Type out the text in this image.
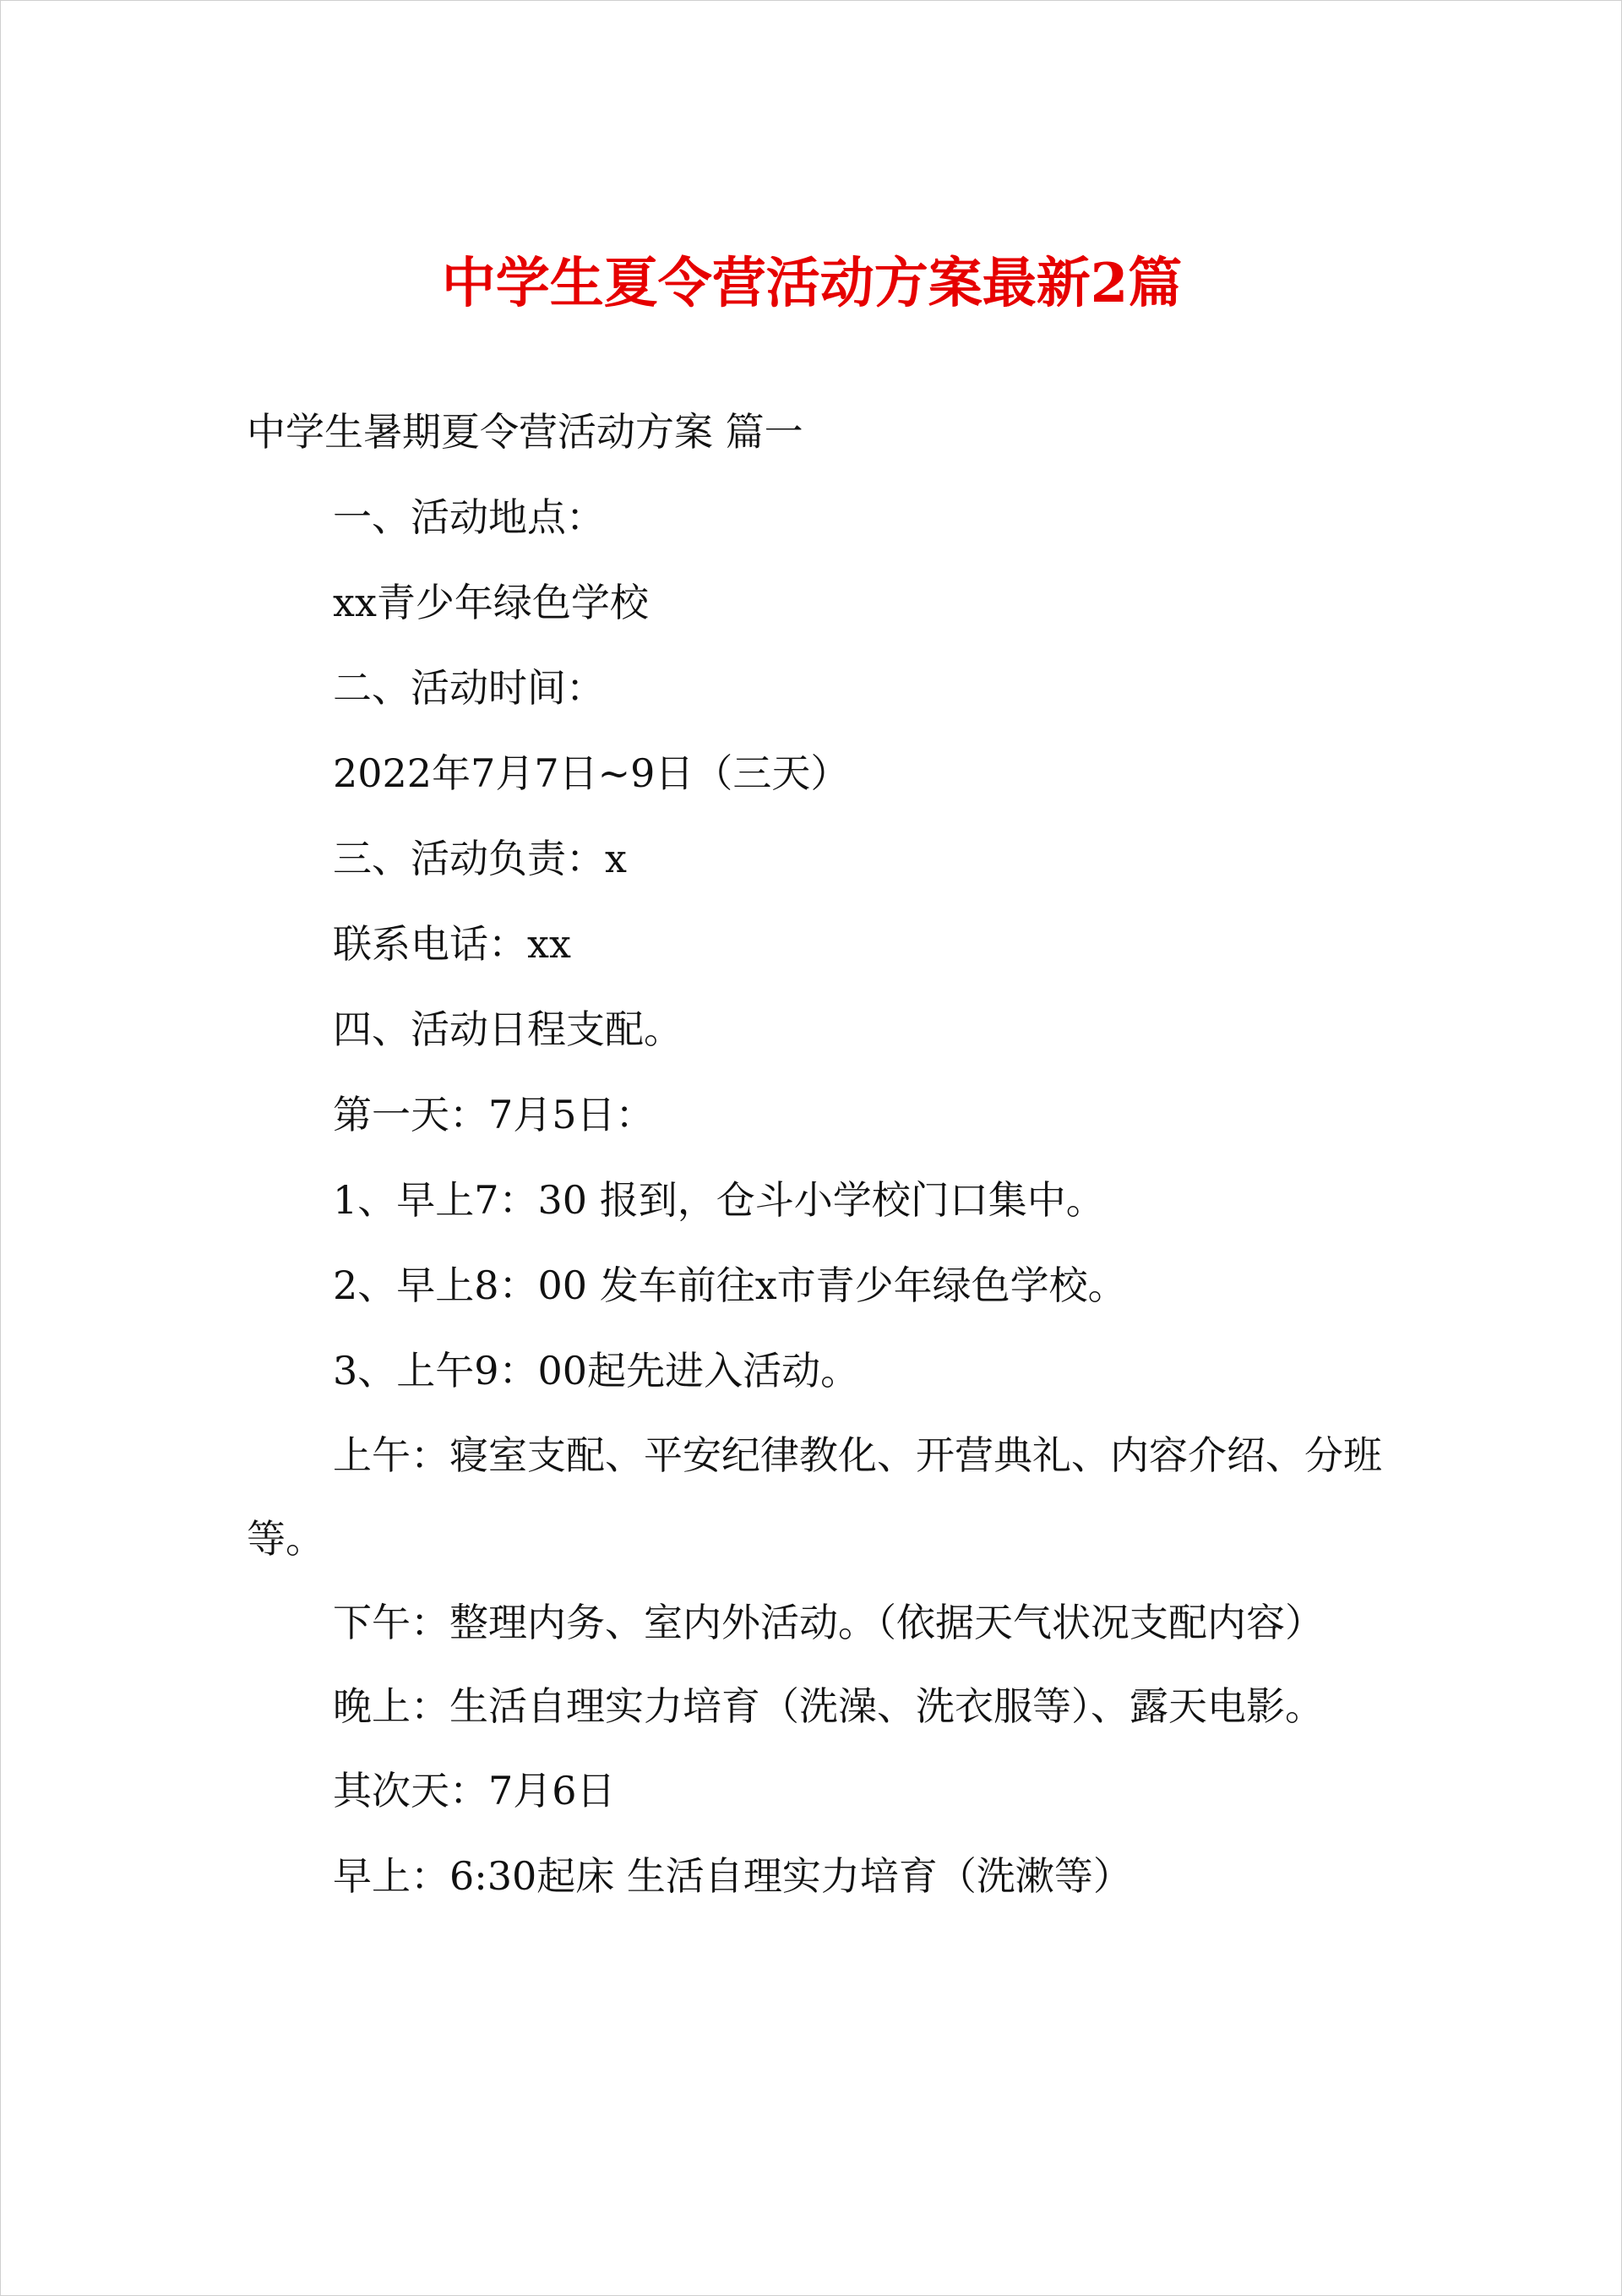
中学生夏令营活动方案最新2篇

中学生暑期夏令营活动方案 篇一

一、活动地点：

xx青少年绿色学校

二、活动时间：

2022年7月7日~9日（三天）

三、活动负责：x

联系电话：xx

四、活动日程支配。

第一天：7月5日：

1、早上7：30 报到，仓斗小学校门口集中。

2、早上8：00 发车前往x市青少年绿色学校。

3、上午9：00起先进入活动。

上午：寝室支配、平安纪律教化、开营典礼、内容介绍、分班等。

下午：整理内务、室内外活动。（依据天气状况支配内容）

晚上：生活自理实力培育（洗澡、洗衣服等）、露天电影。

其次天：7月6日

早上：6:30起床 生活自理实力培育（洗漱等）
